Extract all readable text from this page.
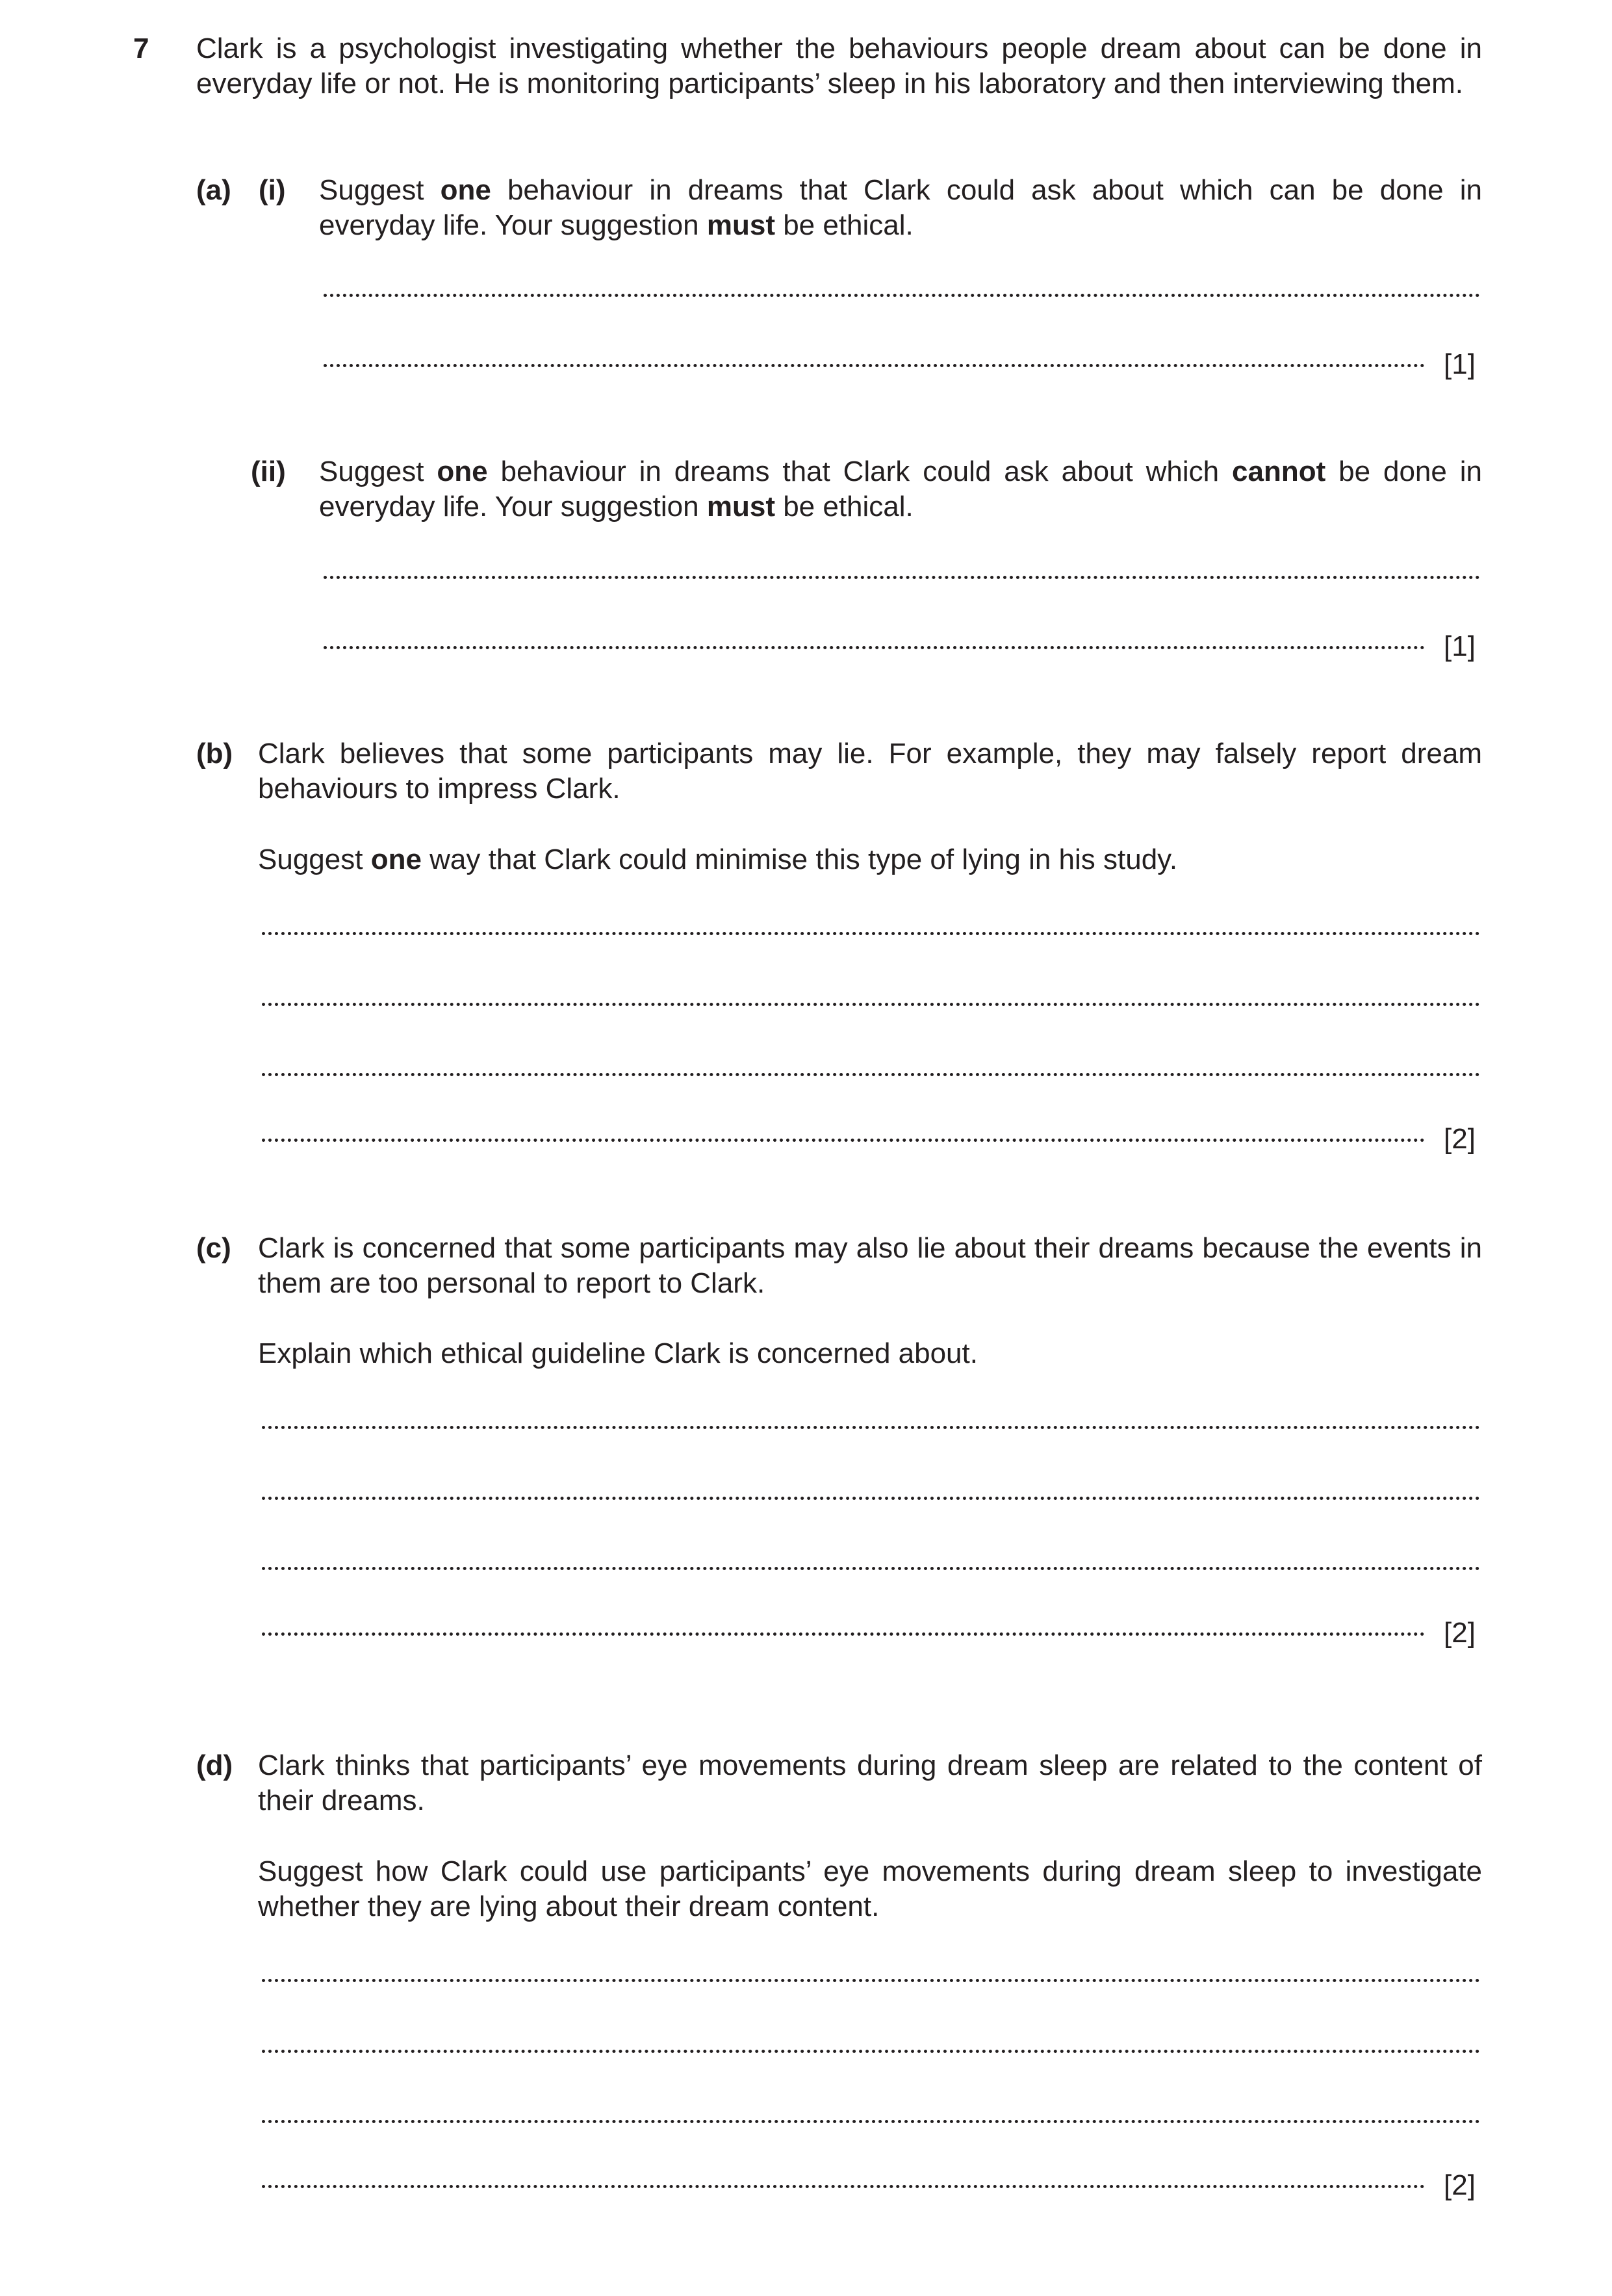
7 Clark is a psychologist investigating whether the behaviours people dream about can be done in everyday life or not. He is monitoring participants’ sleep in his laboratory and then interviewing them.
(a) (i) Suggest one behaviour in dreams that Clark could ask about which can be done in everyday life. Your suggestion must be ethical.
[1]
(ii) Suggest one behaviour in dreams that Clark could ask about which cannot be done in everyday life. Your suggestion must be ethical.
[1]
(b) Clark believes that some participants may lie. For example, they may falsely report dream behaviours to impress Clark.
Suggest one way that Clark could minimise this type of lying in his study.
[2]
(c) Clark is concerned that some participants may also lie about their dreams because the events in them are too personal to report to Clark.
Explain which ethical guideline Clark is concerned about.
[2]
(d) Clark thinks that participants’ eye movements during dream sleep are related to the content of their dreams.
Suggest how Clark could use participants’ eye movements during dream sleep to investigate whether they are lying about their dream content.
[2]
